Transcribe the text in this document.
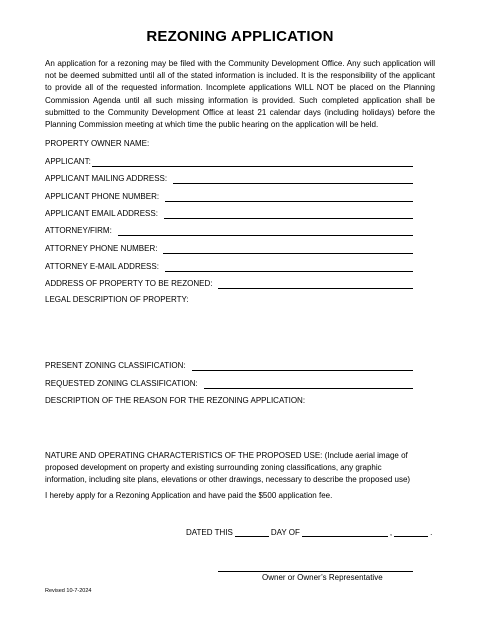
REZONING APPLICATION
An application for a rezoning may be filed with the Community Development Office. Any such application will not be deemed submitted until all of the stated information is included. It is the responsibility of the applicant to provide all of the requested information. Incomplete applications WILL NOT be placed on the Planning Commission Agenda until all such missing information is provided. Such completed application shall be submitted to the Community Development Office at least 21 calendar days (including holidays) before the Planning Commission meeting at which time the public hearing on the application will be held.
PROPERTY OWNER NAME:
APPLICANT:
APPLICANT MAILING ADDRESS:
APPLICANT PHONE NUMBER:
APPLICANT EMAIL ADDRESS:
ATTORNEY/FIRM:
ATTORNEY PHONE NUMBER:
ATTORNEY E-MAIL ADDRESS:
ADDRESS OF PROPERTY TO BE REZONED:
LEGAL DESCRIPTION OF PROPERTY:
PRESENT ZONING CLASSIFICATION:
REQUESTED ZONING CLASSIFICATION:
DESCRIPTION OF THE REASON FOR THE REZONING APPLICATION:
NATURE AND OPERATING CHARACTERISTICS OF THE PROPOSED USE: (Include aerial image of proposed development on property and existing surrounding zoning classifications, any graphic information, including site plans, elevations or other drawings, necessary to describe the proposed use)
I hereby apply for a Rezoning Application and have paid the $500 application fee.
DATED THIS	DAY OF	,	.
Owner or Owner’s Representative
Revised 10-7-2024
